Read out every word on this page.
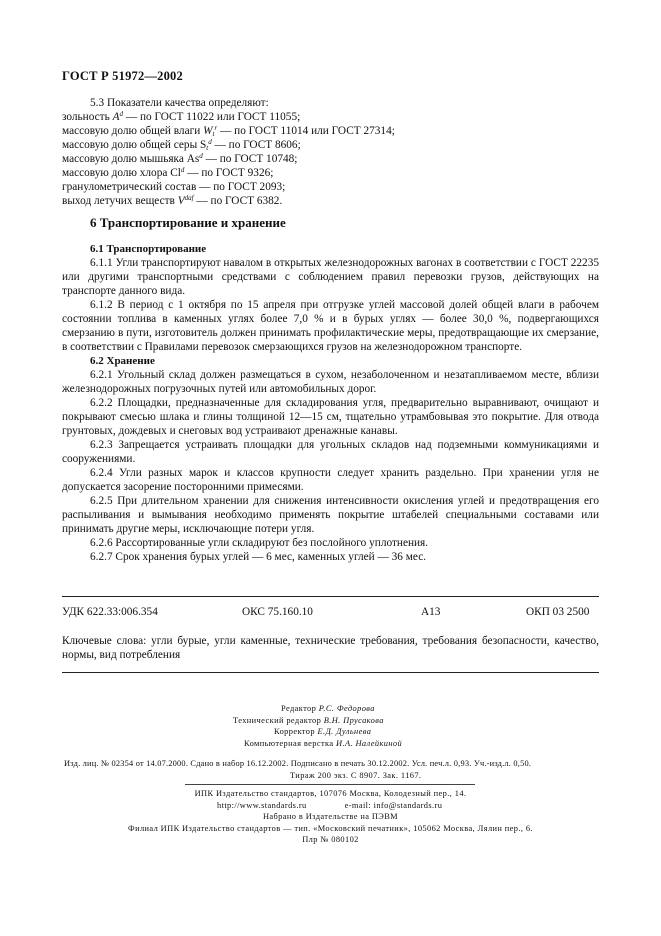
ГОСТ Р 51972—2002

5.3 Показатели качества определяют:

зольность $A^d$ — по ГОСТ 11022 или ГОСТ 11055;

массовую долю общей влаги $W_t^r$ — по ГОСТ 11014 или ГОСТ 27314;

массовую долю общей серы $S_t^d$ — по ГОСТ 8606;

массовую долю мышьяка As$^d$ — по ГОСТ 10748;

массовую долю хлора Cl$^d$ — по ГОСТ 9326;

гранулометрический состав — по ГОСТ 2093;

выход летучих веществ $V^{daf}$ — по ГОСТ 6382.

6 Транспортирование и хранение

6.1 Транспортирование

6.1.1 Угли транспортируют навалом в открытых железнодорожных вагонах в соответствии с ГОСТ 22235 или другими транспортными средствами с соблюдением правил перевозки грузов, действующих на транспорте данного вида.

6.1.2 В период с 1 октября по 15 апреля при отгрузке углей массовой долей общей влаги в рабочем состоянии топлива в каменных углях более 7,0 % и в бурых углях — более 30,0 %, подвергающихся смерзанию в пути, изготовитель должен принимать профилактические меры, предотвращающие их смерзание, в соответствии с Правилами перевозок смерзающихся грузов на железнодорожном транспорте.

6.2 Хранение

6.2.1 Угольный склад должен размещаться в сухом, незаболоченном и незатапливаемом месте, вблизи железнодорожных погрузочных путей или автомобильных дорог.

6.2.2 Площадки, предназначенные для складирования угля, предварительно выравнивают, очищают и покрывают смесью шлака и глины толщиной 12—15 см, тщательно утрамбовывая это покрытие. Для отвода грунтовых, дождевых и снеговых вод устраивают дренажные канавы.

6.2.3 Запрещается устраивать площадки для угольных складов над подземными коммуникациями и сооружениями.

6.2.4 Угли разных марок и классов крупности следует хранить раздельно. При хранении угля не допускается засорение посторонними примесями.

6.2.5 При длительном хранении для снижения интенсивности окисления углей и предотвращения его распыливания и вымывания необходимо применять покрытие штабелей специальными составами или принимать другие меры, исключающие потери угля.

6.2.6 Рассортированные угли складируют без послойного уплотнения.

6.2.7 Срок хранения бурых углей — 6 мес, каменных углей — 36 мес.

УДК 622.33:006.354	ОКС 75.160.10	А13	ОКП 03 2500
Ключевые слова: угли бурые, угли каменные, технические требования, требования безопасности, качество, нормы, вид потребления

Редактор Р.С. Федорова

Технический редактор В.Н. Прусакова

Корректор Е.Д. Дульнева

Компьютерная верстка И.А. Налейкиной

Изд. лиц. № 02354 от 14.07.2000. Сдано в набор 16.12.2002. Подписано в печать 30.12.2002. Усл. печ.л. 0,93. Уч.-изд.л. 0,50.

Тираж 200 экз. С 8907. Зак. 1167.

ИПК Издательство стандартов, 107076 Москва, Колодезный пер., 14.

http://www.standards.ru	e-mail: info@standards.ru

Набрано в Издательстве на ПЭВМ

Филиал ИПК Издательство стандартов — тип. «Московский печатник», 105062 Москва, Лялин пер., 6.

Плр № 080102
